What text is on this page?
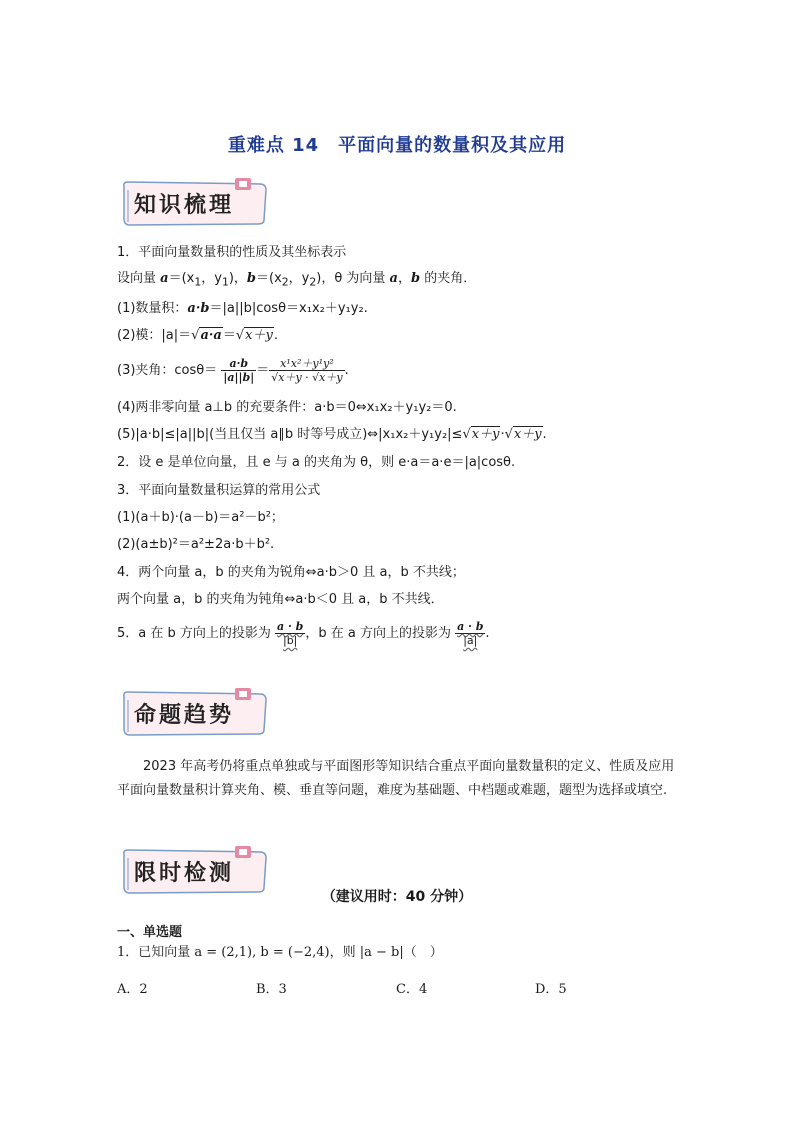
重难点 14　平面向量的数量积及其应用
知识梳理
1．平面向量数量积的性质及其坐标表示
设向量 $a=(x_1$，$y_1$)，$b=(x_2$，$y_2$)，θ 为向量 a，b 的夹角．
(1)数量积：a·b＝|a||b|cosθ＝x₁x₂＋y₁y₂.
(2)模：|a|＝√a·a＝√x＋y.
(3)夹角：$\cos\theta= \frac{a\cdot b}{|a||b|} = \frac{\text{x¹x²＋y¹y²}}{√x+y \cdot √x+y}$ .
(4)两非零向量 a⊥b 的充要条件：a·b＝0⇔x₁x₂＋y₁y₂＝0.
(5)|a·b|≤|a||b|(当且仅当 a∥b 时等号成立)⇔|x₁x₂＋y₁y₂|≤√x＋y·√x＋y.
2．设 e 是单位向量，且 e 与 a 的夹角为 θ，则 e·a＝a·e＝|a|cosθ.
3．平面向量数量积运算的常用公式
(1)(a＋b)·(a－b)＝a²－b²；
(2)(a±b)²＝a²±2a·b＋b².
4．两个向量 a，b 的夹角为锐角⇔a·b＞0 且 a，b 不共线；
两个向量 a，b 的夹角为钝角⇔a·b＜0 且 a，b 不共线．
5．a 在 b 方向上的投影为 $\frac{a \cdot b}{|b|}$ ，b 在 a 方向上的投影为 $\frac{a \cdot b}{|a|}$ .
命题趋势
2023 年高考仍将重点单独或与平面图形等知识结合重点平面向量数量积的定义、性质及应用平面向量数量积计算夹角、模、垂直等问题，难度为基础题、中档题或难题，题型为选择或填空.
限时检测
（建议用时：40 分钟）
一、单选题
1．已知向量 a = (2,1), b = (−2,4)，则 |a − b|（　）
A．2	B．3	C．4	D．5
